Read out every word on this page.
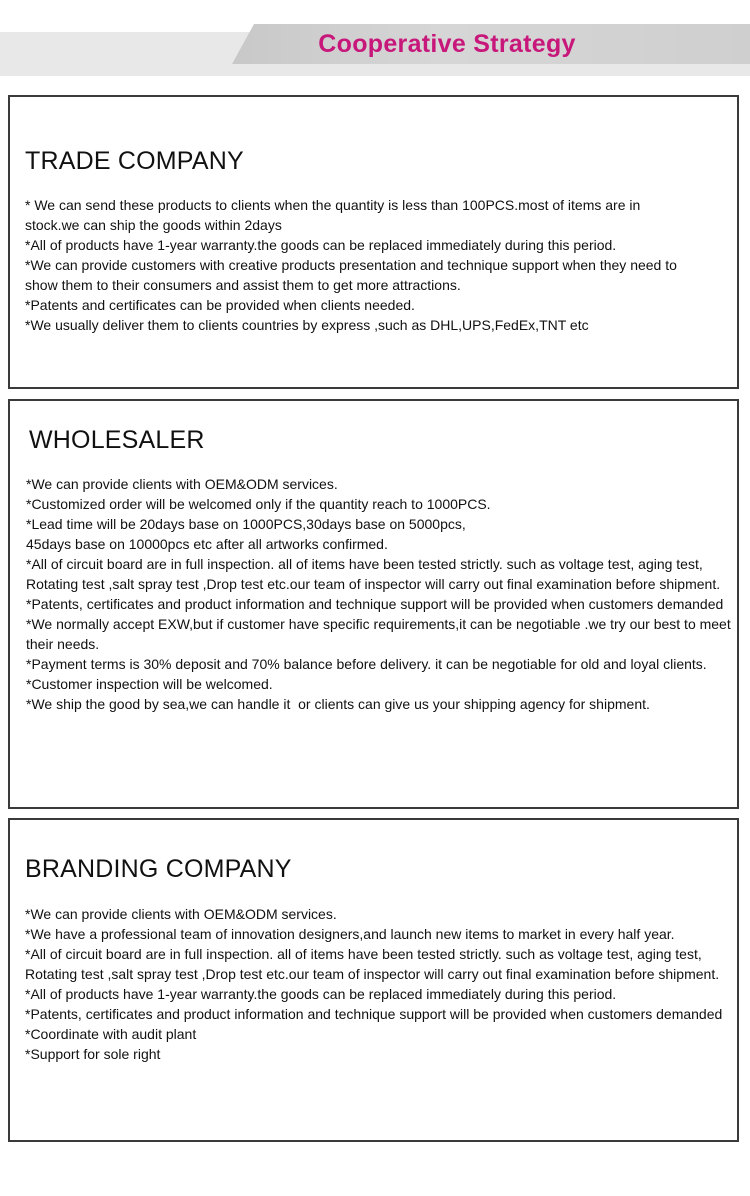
Cooperative Strategy
TRADE COMPANY
* We can send these products to clients when the quantity is less than 100PCS.most of items are in stock.we can ship the goods within 2days
*All of products have 1-year warranty.the goods can be replaced immediately during this period.
*We can provide customers with creative products presentation and technique support when they need to show them to their consumers and assist them to get more attractions.
*Patents and certificates can be provided when clients needed.
*We usually deliver them to clients countries by express ,such as DHL,UPS,FedEx,TNT etc
WHOLESALER
*We can provide clients with OEM&ODM services.
*Customized order will be welcomed only if the quantity reach to 1000PCS.
*Lead time will be 20days base on 1000PCS,30days base on 5000pcs,
45days base on 10000pcs etc after all artworks confirmed.
*All of circuit board are in full inspection. all of items have been tested strictly. such as voltage test, aging test, Rotating test ,salt spray test ,Drop test etc.our team of inspector will carry out final examination before shipment.
*Patents, certificates and product information and technique support will be provided when customers demanded
*We normally accept EXW,but if customer have specific requirements,it can be negotiable .we try our best to meet their needs.
*Payment terms is 30% deposit and 70% balance before delivery. it can be negotiable for old and loyal clients.
*Customer inspection will be welcomed.
*We ship the good by sea,we can handle it  or clients can give us your shipping agency for shipment.
BRANDING COMPANY
*We can provide clients with OEM&ODM services.
*We have a professional team of innovation designers,and launch new items to market in every half year.
*All of circuit board are in full inspection. all of items have been tested strictly. such as voltage test, aging test, Rotating test ,salt spray test ,Drop test etc.our team of inspector will carry out final examination before shipment.
*All of products have 1-year warranty.the goods can be replaced immediately during this period.
*Patents, certificates and product information and technique support will be provided when customers demanded
*Coordinate with audit plant
*Support for sole right
